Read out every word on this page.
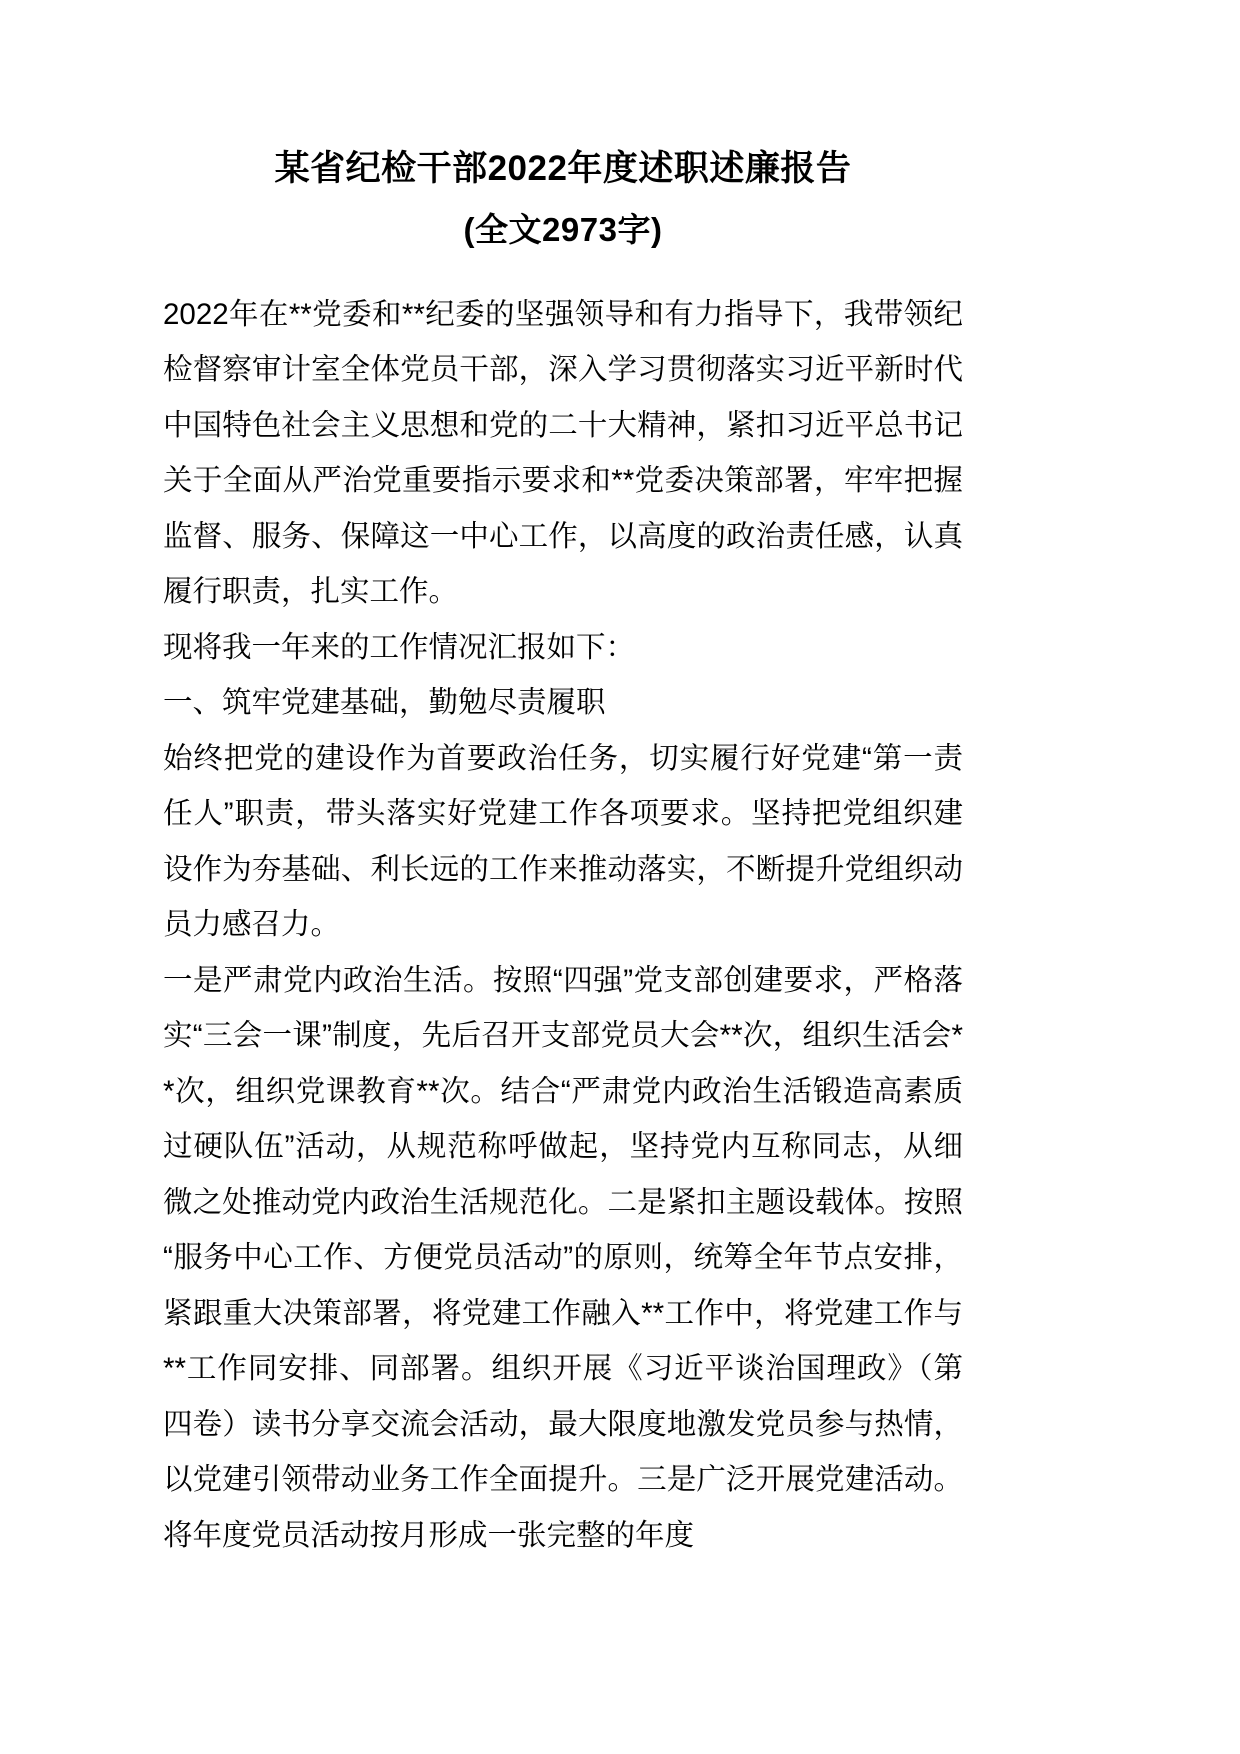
某省纪检干部2022年度述职述廉报告
(全文2973字)

2022年在**党委和**纪委的坚强领导和有力指导下，我带领纪检督察审计室全体党员干部，深入学习贯彻落实习近平新时代中国特色社会主义思想和党的二十大精神，紧扣习近平总书记关于全面从严治党重要指示要求和**党委决策部署，牢牢把握监督、服务、保障这一中心工作，以高度的政治责任感，认真履行职责，扎实工作。

现将我一年来的工作情况汇报如下：

一、筑牢党建基础，勤勉尽责履职

始终把党的建设作为首要政治任务，切实履行好党建“第一责任人”职责，带头落实好党建工作各项要求。坚持把党组织建设作为夯基础、利长远的工作来推动落实，不断提升党组织动员力感召力。

一是严肃党内政治生活。按照“四强”党支部创建要求，严格落实“三会一课”制度，先后召开支部党员大会**次，组织生活会**次，组织党课教育**次。结合“严肃党内政治生活锻造高素质过硬队伍”活动，从规范称呼做起，坚持党内互称同志，从细微之处推动党内政治生活规范化。二是紧扣主题设载体。按照“服务中心工作、方便党员活动”的原则，统筹全年节点安排，紧跟重大决策部署，将党建工作融入**工作中，将党建工作与**工作同安排、同部署。组织开展《习近平谈治国理政》（第四卷）读书分享交流会活动，最大限度地激发党员参与热情，以党建引领带动业务工作全面提升。三是广泛开展党建活动。将年度党员活动按月形成一张完整的年度
